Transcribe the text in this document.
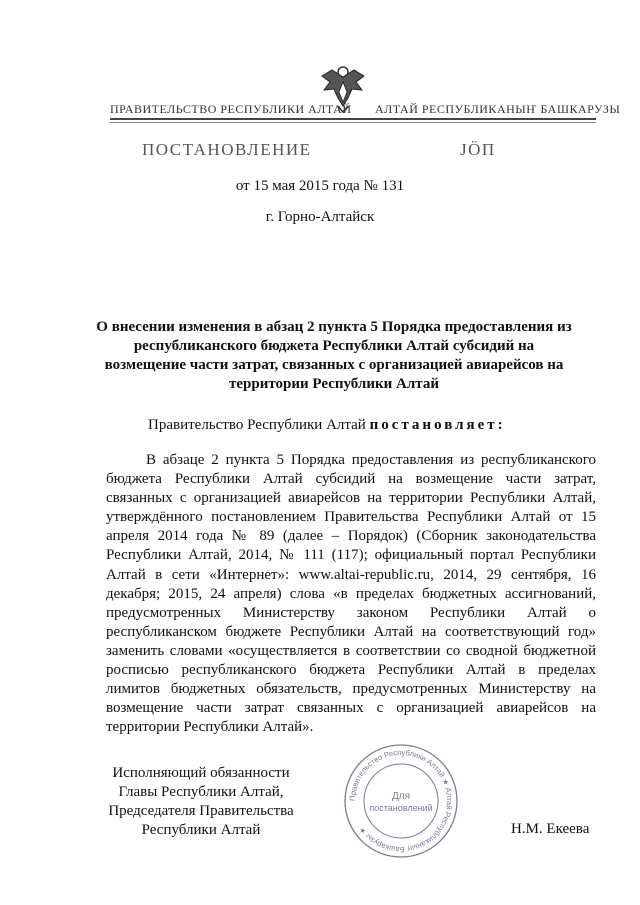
ПРАВИТЕЛЬСТВО РЕСПУБЛИКИ АЛТАЙ АЛТАЙ РЕСПУБЛИКАНЫҤ БАШКАРУЗЫ
ПОСТАНОВЛЕНИЕ	ЈÖП
от 15 мая 2015 года № 131
г. Горно-Алтайск
О внесении изменения в абзац 2 пункта 5 Порядка предоставления из республиканского бюджета Республики Алтай субсидий на возмещение части затрат, связанных с организацией авиарейсов на территории Республики Алтай
Правительство Республики Алтай постановляет:

В абзаце 2 пункта 5 Порядка предоставления из республиканского бюджета Республики Алтай субсидий на возмещение части затрат, связанных с организацией авиарейсов на территории Республики Алтай, утверждённого постановлением Правительства Республики Алтай от 15 апреля 2014 года № 89 (далее – Порядок) (Сборник законодательства Республики Алтай, 2014, № 111 (117); официальный портал Республики Алтай в сети «Интернет»: www.altai-republic.ru, 2014, 29 сентября, 16 декабря; 2015, 24 апреля) слова «в пределах бюджетных ассигнований, предусмотренных Министерству законом Республики Алтай о республиканском бюджете Республики Алтай на соответствующий год» заменить словами «осуществляется в соответствии со сводной бюджетной росписью республиканского бюджета Республики Алтай в пределах лимитов бюджетных обязательств, предусмотренных Министерству на возмещение части затрат связанных с организацией авиарейсов на территории Республики Алтай».

Исполняющий обязанности
Главы Республики Алтай,
Председателя Правительства
Республики Алтай	Н.М. Екеева
Правительство Республики Алтай ★ Алтай Республиканыҥ Башкарузы ★
Для
постановлений
